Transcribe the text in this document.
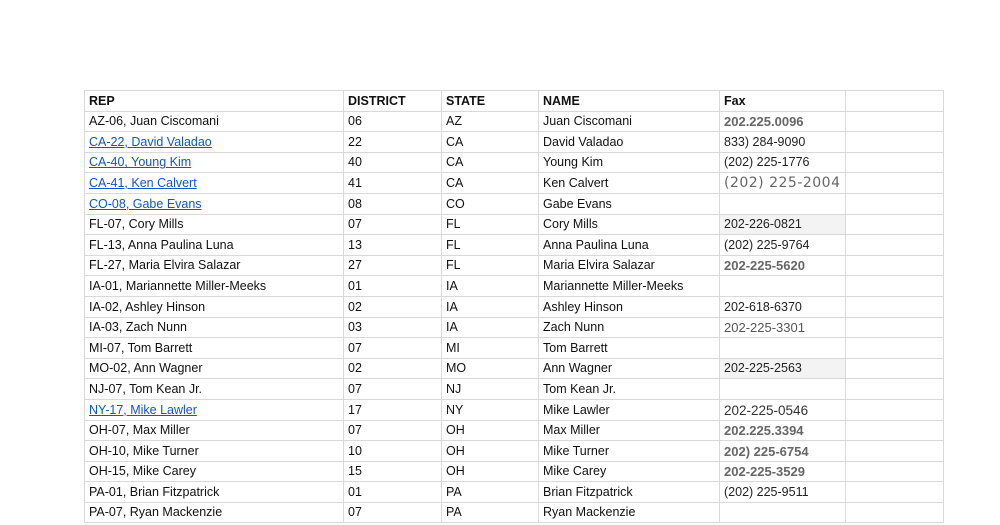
REP	DISTRICT	STATE	NAME	Fax	
AZ-06, Juan Ciscomani	06	AZ	Juan Ciscomani	202.225.0096	
CA-22, David Valadao	22	CA	David Valadao	833) 284-9090	
CA-40, Young Kim	40	CA	Young Kim	(202) 225-1776	
CA-41, Ken Calvert	41	CA	Ken Calvert	(202) 225-2004	
CO-08, Gabe Evans	08	CO	Gabe Evans		
FL-07, Cory Mills	07	FL	Cory Mills	202-226-0821	
FL-13, Anna Paulina Luna	13	FL	Anna Paulina Luna	(202) 225-9764	
FL-27, Maria Elvira Salazar	27	FL	Maria Elvira Salazar	202-225-5620	
IA-01, Mariannette Miller-Meeks	01	IA	Mariannette Miller-Meeks		
IA-02, Ashley Hinson	02	IA	Ashley Hinson	202-618-6370	
IA-03, Zach Nunn	03	IA	Zach Nunn	202-225-3301	
MI-07, Tom Barrett	07	MI	Tom Barrett		
MO-02, Ann Wagner	02	MO	Ann Wagner	202-225-2563	
NJ-07, Tom Kean Jr.	07	NJ	Tom Kean Jr.		
NY-17, Mike Lawler	17	NY	Mike Lawler	202-225-0546	
OH-07, Max Miller	07	OH	Max Miller	202.225.3394	
OH-10, Mike Turner	10	OH	Mike Turner	202) 225-6754	
OH-15, Mike Carey	15	OH	Mike Carey	202-225-3529	
PA-01, Brian Fitzpatrick	01	PA	Brian Fitzpatrick	(202) 225-9511	
PA-07, Ryan Mackenzie	07	PA	Ryan Mackenzie		
